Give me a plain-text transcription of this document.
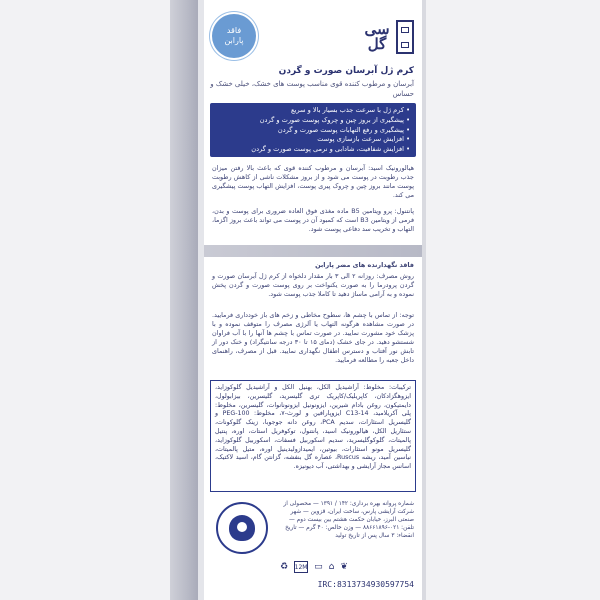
سی گل
فاقد
پارابن
کرم ژل آبرسان صورت و گردن
آبرسان و مرطوب کننده قوی مناسب پوست های خشک، خیلی خشک و حساس
• کرم ژل با سرعت جذب بسیار بالا و سریع
• پیشگیری از بروز چین و چروک پوست صورت و گردن
• پیشگیری و رفع التهابات پوست صورت و گردن
• افزایش سرعت بازسازی پوست
• افزایش شفافیت، شادابی و نرمی پوست صورت و گردن
هیالورونیک اسید: آبرسان و مرطوب کننده قوی که باعث بالا رفتن میزان جذب رطوبت در پوست می شود و از بروز مشکلات ناشی از کاهش رطوبت پوست مانند بروز چین و چروک پیری پوست، افزایش التهاب پوست پیشگیری می کند.
پانتنول: پرو ویتامین B5 ماده مغذی فوق العاده ضروری برای پوست و بدن، فرمی از ویتامین B3 است که کمبود آن در پوست می تواند باعث بروز اگزما، التهاب و تخریب سد دفاعی پوست شود.
فاقد نگهدارنده های مضر پارابن
روش مصرف: روزانه ۲ الی ۳ بار مقدار دلخواه از کرم ژل آبرسان صورت و گردن پرودرما را به صورت یکنواخت بر روی پوست صورت و گردن پخش نموده و به آرامی ماساژ دهید تا کاملا جذب پوست شود.
توجه: از تماس با چشم ها، سطوح مخاطی و زخم های باز خودداری فرمایید. در صورت مشاهده هرگونه التهاب یا آلرژی مصرف را متوقف نموده و با پزشک خود مشورت نمایید. در صورت تماس با چشم ها آنها را با آب فراوان شستشو دهید. در جای خشک (دمای ۱۵ تا ۳۰ درجه سانتیگراد) و خنک دور از تابش نور آفتاب و دسترس اطفال نگهداری نمایید. قبل از مصرف، راهنمای داخل جعبه را مطالعه فرمایید.
ترکیبات: مخلوط: آراشیدیل الکل، بهنیل الکل و آراشیدیل گلوکوزاید، ایزوهگزادکان، کاپریلیک/کاپریک تری گلیسرید، گلیسرین، بیزابولول، دایمتیکون، روغن بادام شیرین، ایزونونیل ایزونونانوات، گلیسرین، مخلوط: پلی آکریلامید، C13-14 ایزوپارافین و لورث-۷، مخلوط: PEG-100 و گلیسریل استئارات، سدیم PCA، روغن دانه جوجوبا، زینک گلوکونات، ستئاریل الکل، هیالورونیک اسید، پانتنول، توکوفریل استات، اوره، پنتیل پالمیتات، گلوکوگلیسرید، سدیم اسکوربیل فسفات، اسکوربیل گلوکوزاید، گلیسریل مونو استئارات، بیوتین، ایمیدازولیدینیل اوره، متیل پالمیتات، نیاسین آمید، ریشه Ruscus، عصاره گل بنفشه، گزانتن گام، اسید لاکتیک، اسانس مجاز آرایشی و بهداشتی، آب دیونیزه.
شماره پروانه بهره برداری: ۱۴۲ / ۱۳۹۱ — محصولی از شرکت آرایشی پارس، ساخت ایران، قزوین — شهر صنعتی البرز، خیابان حکمت هشتم بین بیست دوم — تلفن: ۰۲۱-۸۸۶۶۱۸۹۶ — وزن خالص: ۴۰ گرم — تاریخ انقضاء: ۳ سال پس از تاریخ تولید
♻ 12M ▭ ⌂ ❦
IRC:8313734930597754
